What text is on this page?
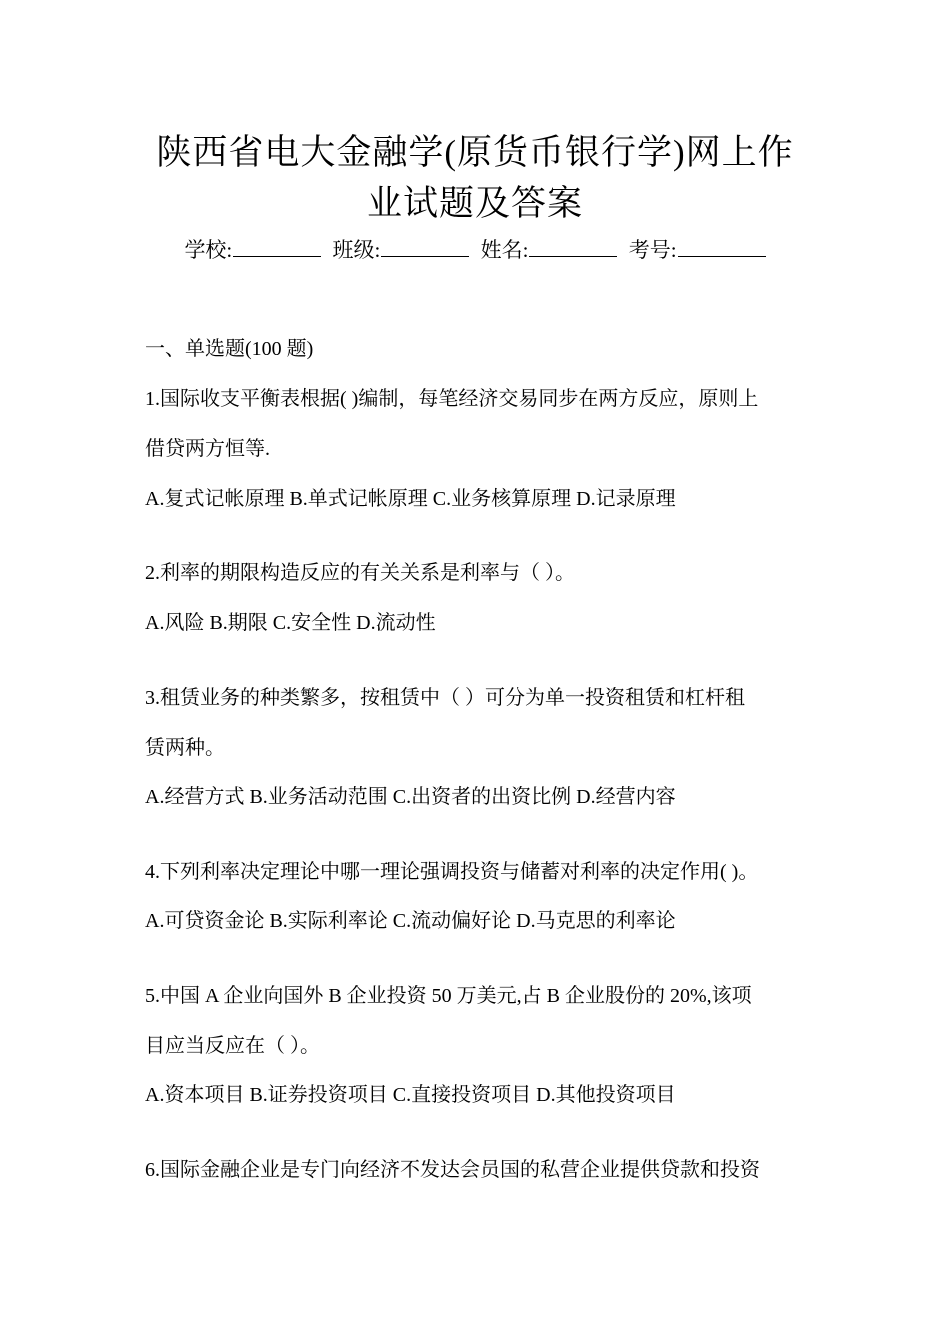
陕西省电大金融学(原货币银行学)网上作
业试题及答案
学校:	班级:	姓名:	考号:
一、单选题(100 题)
1.国际收支平衡表根据( )编制，每笔经济交易同步在两方反应，原则上
借贷两方恒等.
A.复式记帐原理 B.单式记帐原理 C.业务核算原理 D.记录原理
2.利率的期限构造反应的有关关系是利率与（ ）。
A.风险 B.期限 C.安全性 D.流动性
3.租赁业务的种类繁多，按租赁中（ ）可分为单一投资租赁和杠杆租
赁两种。
A.经营方式 B.业务活动范围 C.出资者的出资比例 D.经营内容
4.下列利率决定理论中哪一理论强调投资与储蓄对利率的决定作用( )。
A.可贷资金论 B.实际利率论 C.流动偏好论 D.马克思的利率论
5.中国 A 企业向国外 B 企业投资 50 万美元,占 B 企业股份的 20%,该项
目应当反应在（ ）。
A.资本项目 B.证券投资项目 C.直接投资项目 D.其他投资项目
6.国际金融企业是专门向经济不发达会员国的私营企业提供贷款和投资
